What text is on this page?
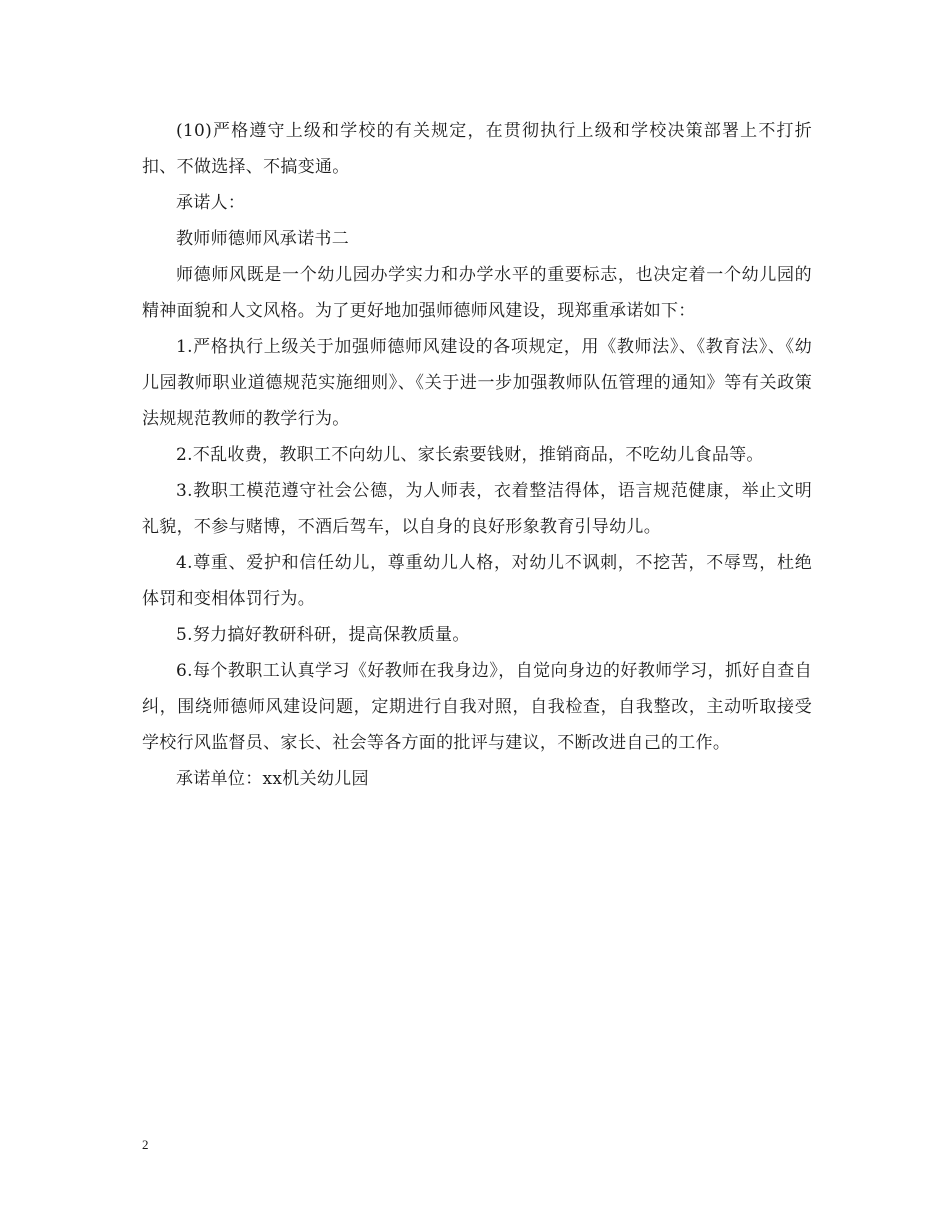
(10)严格遵守上级和学校的有关规定，在贯彻执行上级和学校决策部署上不打折扣、不做选择、不搞变通。

承诺人：

教师师德师风承诺书二

师德师风既是一个幼儿园办学实力和办学水平的重要标志，也决定着一个幼儿园的精神面貌和人文风格。为了更好地加强师德师风建设，现郑重承诺如下：

1.严格执行上级关于加强师德师风建设的各项规定，用《教师法》、《教育法》、《幼儿园教师职业道德规范实施细则》、《关于进一步加强教师队伍管理的通知》等有关政策法规规范教师的教学行为。

2.不乱收费，教职工不向幼儿、家长索要钱财，推销商品，不吃幼儿食品等。

3.教职工模范遵守社会公德，为人师表，衣着整洁得体，语言规范健康，举止文明礼貌，不参与赌博，不酒后驾车，以自身的良好形象教育引导幼儿。

4.尊重、爱护和信任幼儿，尊重幼儿人格，对幼儿不讽刺，不挖苦，不辱骂，杜绝体罚和变相体罚行为。

5.努力搞好教研科研，提高保教质量。

6.每个教职工认真学习《好教师在我身边》，自觉向身边的好教师学习，抓好自查自纠，围绕师德师风建设问题，定期进行自我对照，自我检查，自我整改，主动听取接受学校行风监督员、家长、社会等各方面的批评与建议，不断改进自己的工作。

承诺单位：xx机关幼儿园

2
